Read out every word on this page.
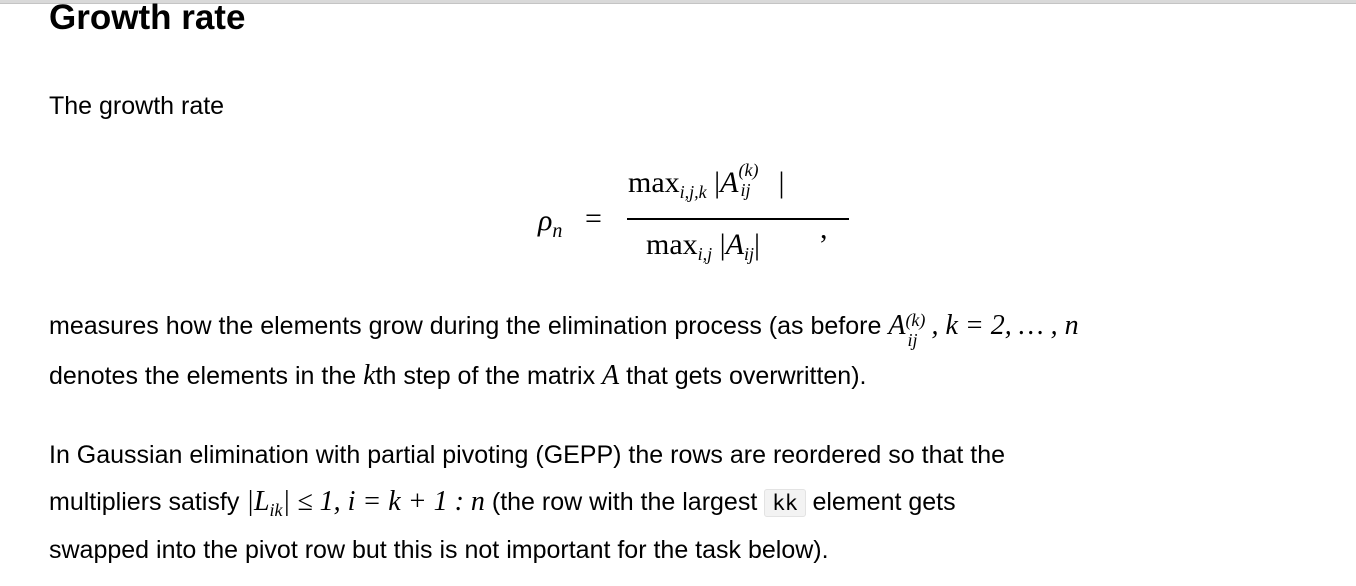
Growth rate

The growth rate

$\rho_n$ =
$\max_{i,j,k} |A$ (k)
ij |
$\max_{i,j} |A_{ij}|$ ,

measures how the elements grow during the elimination process (as before A (k)
ij , k = 2, … , n

denotes the elements in the kth step of the matrix A that gets overwritten).

In Gaussian elimination with partial pivoting (GEPP) the rows are reordered so that the

multipliers satisfy $|L_{ik}| \le 1$, i = k + 1 : n (the row with the largest kk element gets

swapped into the pivot row but this is not important for the task below).
